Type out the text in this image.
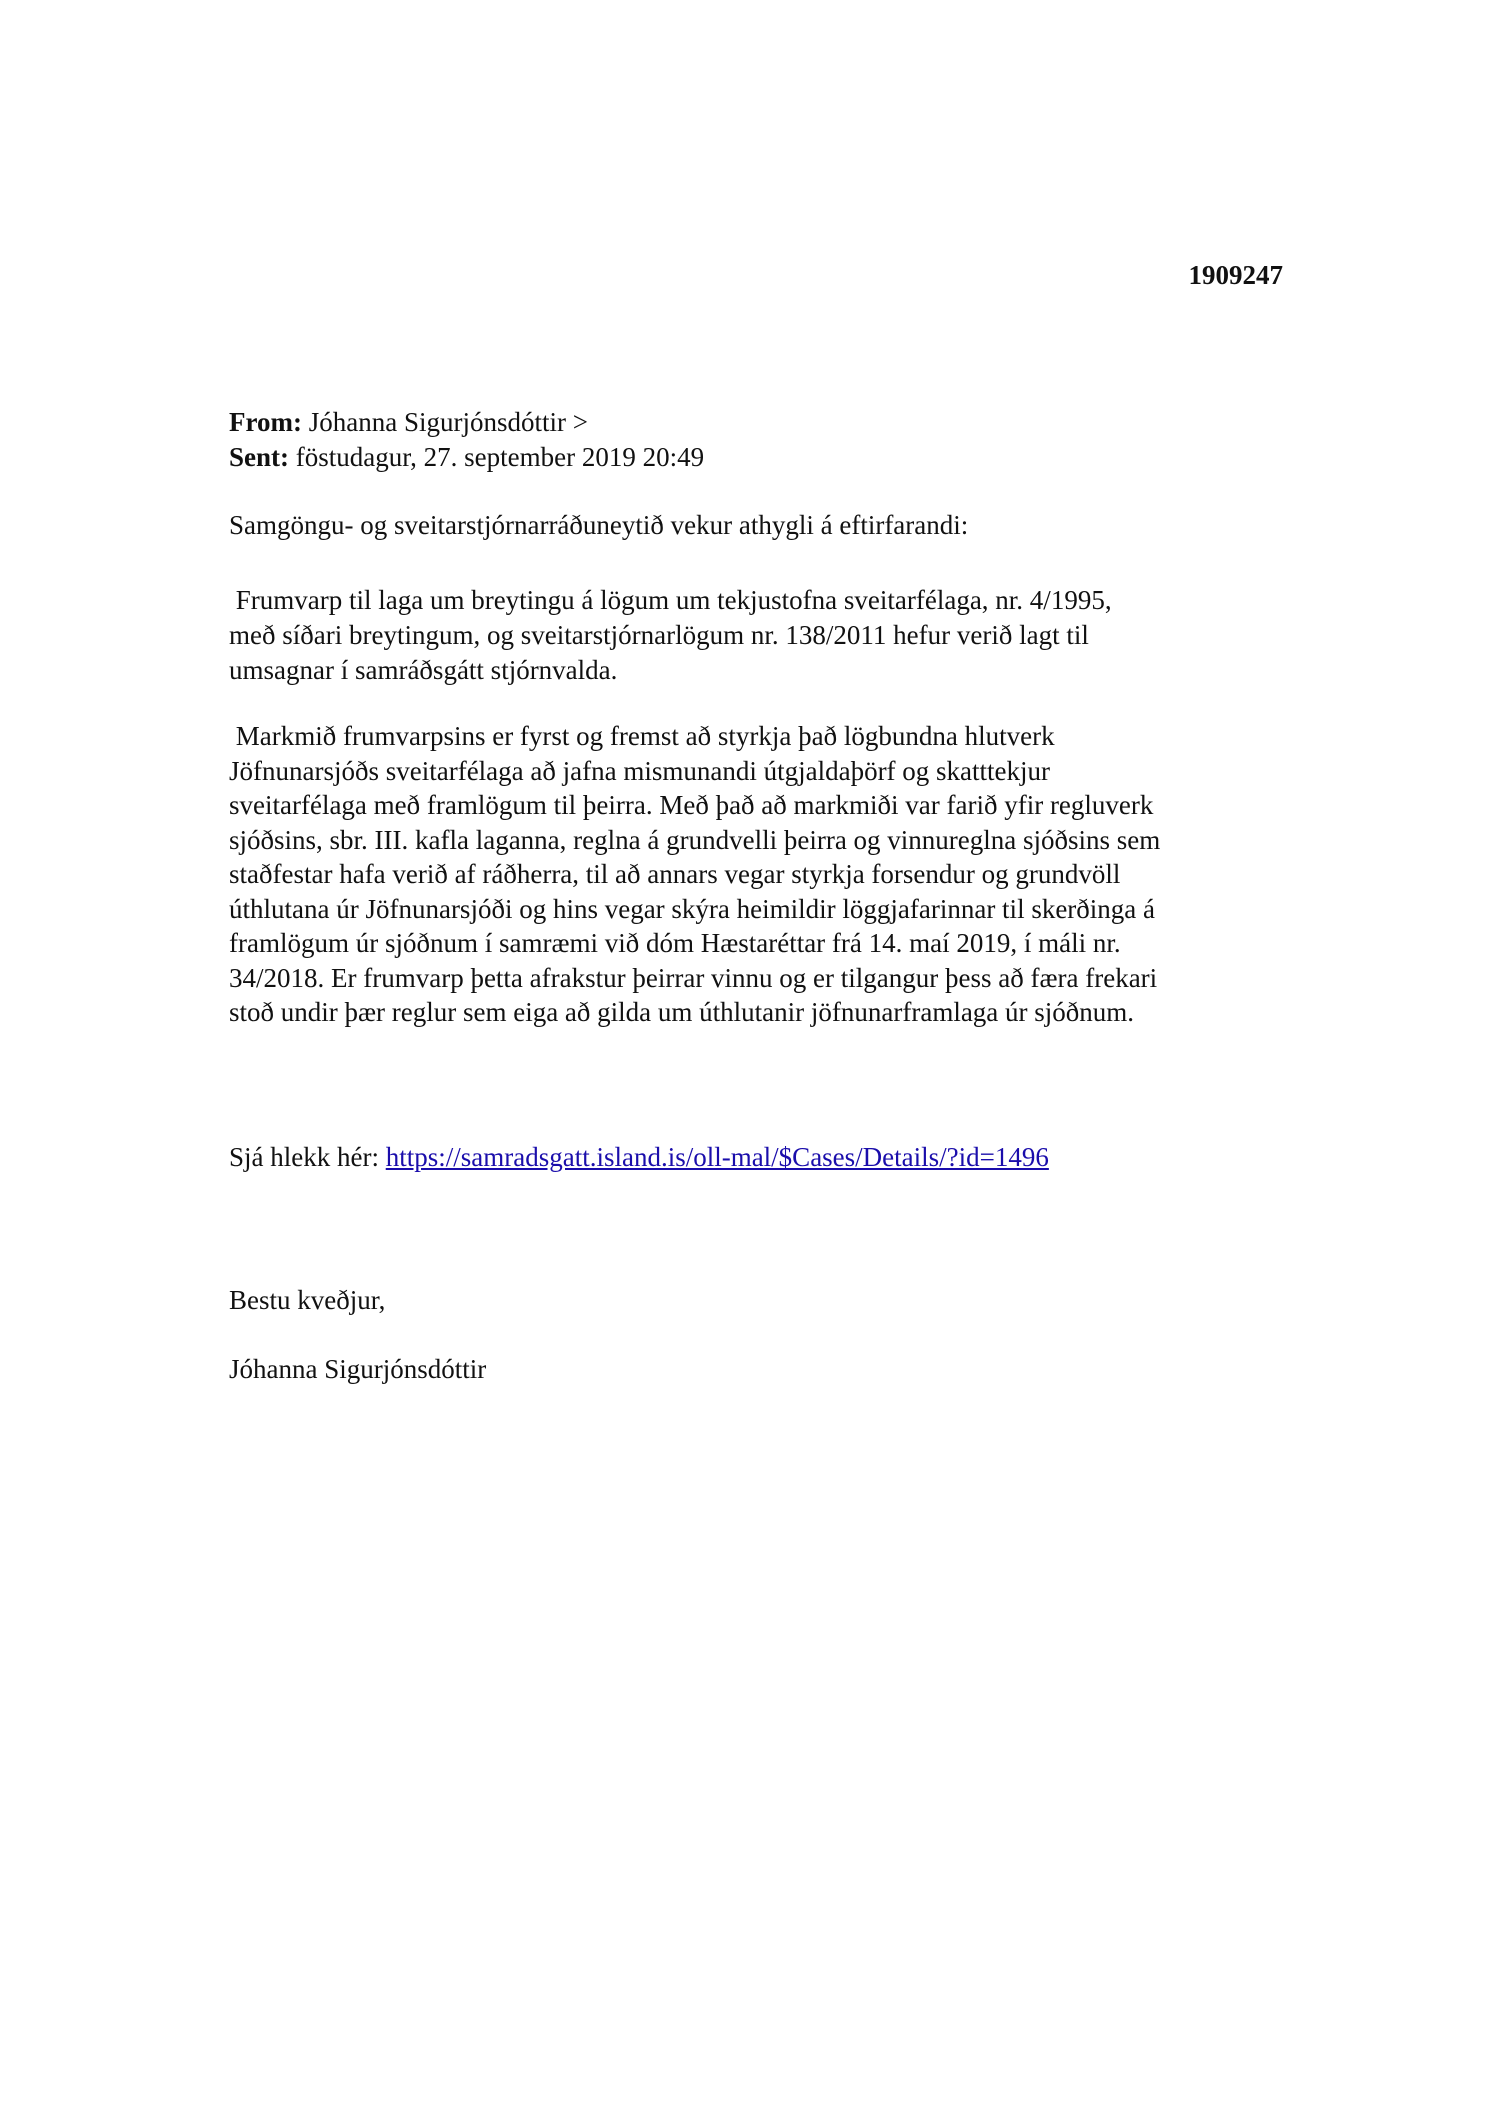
1909247
From: Jóhanna Sigurjónsdóttir >
Sent: föstudagur, 27. september 2019 20:49
Samgöngu- og sveitarstjórnarráðuneytið vekur athygli á eftirfarandi:
Frumvarp til laga um breytingu á lögum um tekjustofna sveitarfélaga, nr. 4/1995,
með síðari breytingum, og sveitarstjórnarlögum nr. 138/2011 hefur verið lagt til
umsagnar í samráðsgátt stjórnvalda.
Markmið frumvarpsins er fyrst og fremst að styrkja það lögbundna hlutverk
Jöfnunarsjóðs sveitarfélaga að jafna mismunandi útgjaldaþörf og skatttekjur
sveitarfélaga með framlögum til þeirra. Með það að markmiði var farið yfir regluverk
sjóðsins, sbr. III. kafla laganna, reglna á grundvelli þeirra og vinnureglna sjóðsins sem
staðfestar hafa verið af ráðherra, til að annars vegar styrkja forsendur og grundvöll
úthlutana úr Jöfnunarsjóði og hins vegar skýra heimildir löggjafarinnar til skerðinga á
framlögum úr sjóðnum í samræmi við dóm Hæstaréttar frá 14. maí 2019, í máli nr.
34/2018. Er frumvarp þetta afrakstur þeirrar vinnu og er tilgangur þess að færa frekari
stoð undir þær reglur sem eiga að gilda um úthlutanir jöfnunarframlaga úr sjóðnum.
Sjá hlekk hér: https://samradsgatt.island.is/oll-mal/$Cases/Details/?id=1496
Bestu kveðjur,
Jóhanna Sigurjónsdóttir
